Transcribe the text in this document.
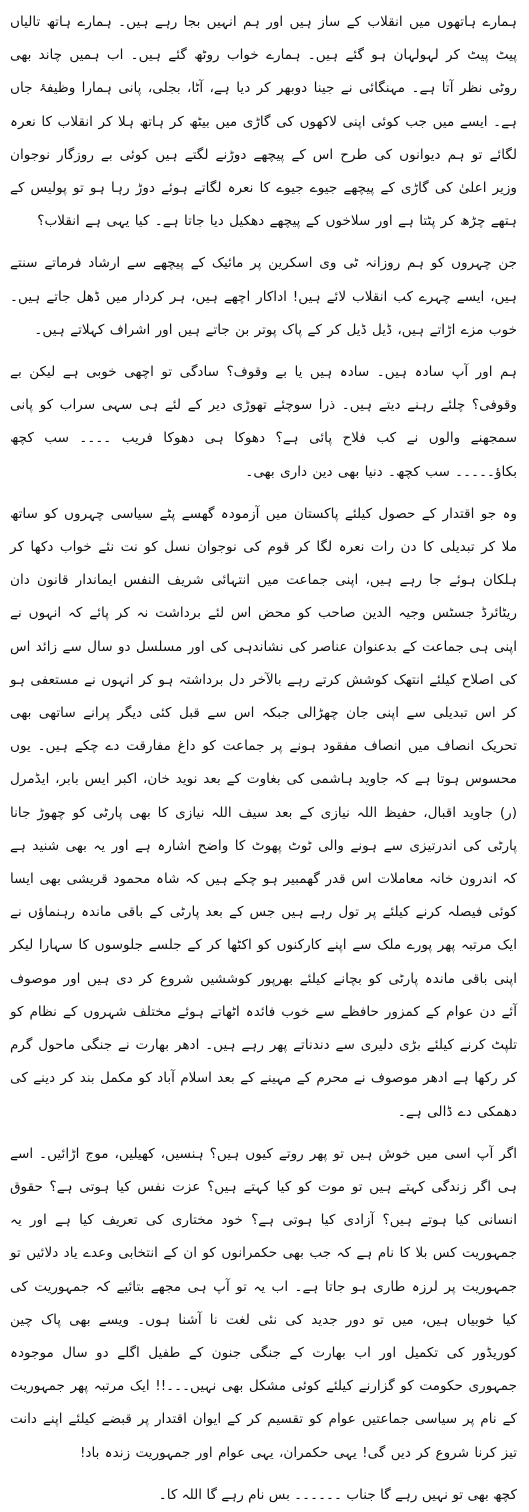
ہمارے ہاتھوں میں انقلاب کے ساز ہیں اور ہم انہیں بجا رہے ہیں۔ ہمارے ہاتھ تالیاں پیٹ پیٹ کر لہولہان ہو گئے ہیں۔ ہمارے خواب روٹھ گئے ہیں۔ اب ہمیں چاند بھی روٹی نظر آتا ہے۔ مہنگائی نے جینا دوبھر کر دیا ہے، آٹا، بجلی، پانی ہمارا وظیفۂ جاں ہے۔ ایسے میں جب کوئی اپنی لاکھوں کی گاڑی میں بیٹھ کر ہاتھ ہلا کر انقلاب کا نعرہ لگائے تو ہم دیوانوں کی طرح اس کے پیچھے دوڑنے لگتے ہیں کوئی بے روزگار نوجوان وزیر اعلیٰ کی گاڑی کے پیچھے جیوے جیوے کا نعرہ لگاتے ہوئے دوڑ رہا ہو تو پولیس کے ہتھے چڑھ کر پٹتا ہے اور سلاخوں کے پیچھے دھکیل دیا جاتا ہے۔ کیا یہی ہے انقلاب؟

جن چہروں کو ہم روزانہ ٹی وی اسکرین پر مائیک کے پیچھے سے ارشاد فرماتے سنتے ہیں، ایسے چہرے کب انقلاب لائے ہیں! اداکار اچھے ہیں، ہر کردار میں ڈھل جاتے ہیں۔ خوب مزے اڑاتے ہیں، ڈیل ڈیل کر کے پاک پوتر بن جاتے ہیں اور اشراف کہلاتے ہیں۔

ہم اور آپ سادہ ہیں۔ سادہ ہیں یا بے وقوف؟ سادگی تو اچھی خوبی ہے لیکن بے وقوفی؟ چلئے رہنے دیتے ہیں۔ ذرا سوچئے تھوڑی دیر کے لئے ہی سہی سراب کو پانی سمجھنے والوں نے کب فلاح پائی ہے؟ دھوکا ہی دھوکا فریب ۔۔۔۔ سب کچھ بکاؤ۔۔۔۔۔ سب کچھ۔ دنیا بھی دین داری بھی۔

وہ جو اقتدار کے حصول کیلئے پاکستان میں آزمودہ گھسے پٹے سیاسی چہروں کو ساتھ ملا کر تبدیلی کا دن رات نعرہ لگا کر قوم کی نوجوان نسل کو نت نئے خواب دکھا کر ہلکان ہوئے جا رہے ہیں، اپنی جماعت میں انتہائی شریف النفس ایماندار قانون دان ریٹائرڈ جسٹس وجیہ الدین صاحب کو محض اس لئے برداشت نہ کر پائے کہ انہوں نے اپنی ہی جماعت کے بدعنوان عناصر کی نشاندہی کی اور مسلسل دو سال سے زائد اس کی اصلاح کیلئے انتھک کوشش کرتے رہے بالآخر دل برداشتہ ہو کر انہوں نے مستعفی ہو کر اس تبدیلی سے اپنی جان چھڑالی جبکہ اس سے قبل کئی دیگر پرانے ساتھی بھی تحریک انصاف میں انصاف مفقود ہونے پر جماعت کو داغ مفارقت دے چکے ہیں۔ یوں محسوس ہوتا ہے کہ جاوید ہاشمی کی بغاوت کے بعد نوید خان، اکبر ایس بابر، ایڈمرل (ر) جاوید اقبال، حفیظ اللہ نیازی کے بعد سیف اللہ نیازی کا بھی پارٹی کو چھوڑ جانا پارٹی کی اندرتیزی سے ہونے والی ٹوٹ پھوٹ کا واضح اشارہ ہے اور یہ بھی شنید ہے کہ اندرون خانہ معاملات اس قدر گھمبیر ہو چکے ہیں کہ شاہ محمود قریشی بھی ایسا کوئی فیصلہ کرنے کیلئے پر تول رہے ہیں جس کے بعد پارٹی کے باقی ماندہ رہنماؤں نے ایک مرتبہ پھر پورے ملک سے اپنے کارکنوں کو اکٹھا کر کے جلسے جلوسوں کا سہارا لیکر اپنی باقی ماندہ پارٹی کو بچانے کیلئے بھرپور کوششیں شروع کر دی ہیں اور موصوف آئے دن عوام کے کمزور حافظے سے خوب فائدہ اٹھاتے ہوئے مختلف شہروں کے نظام کو تلپٹ کرنے کیلئے بڑی دلیری سے دندناتے پھر رہے ہیں۔ ادھر بھارت نے جنگی ماحول گرم کر رکھا ہے ادھر موصوف نے محرم کے مہینے کے بعد اسلام آباد کو مکمل بند کر دینے کی دھمکی دے ڈالی ہے۔

اگر آپ اسی میں خوش ہیں تو پھر روتے کیوں ہیں؟ ہنسیں، کھیلیں، موج اڑائیں۔ اسے ہی اگر زندگی کہتے ہیں تو موت کو کیا کہتے ہیں؟ عزت نفس کیا ہوتی ہے؟ حقوق انسانی کیا ہوتے ہیں؟ آزادی کیا ہوتی ہے؟ خود مختاری کی تعریف کیا ہے اور یہ جمہوریت کس بلا کا نام ہے کہ جب بھی حکمرانوں کو ان کے انتخابی وعدے یاد دلائیں تو جمہوریت پر لرزہ طاری ہو جاتا ہے۔ اب یہ تو آپ ہی مجھے بتائیے کہ جمہوریت کی کیا خوبیاں ہیں، میں تو دور جدید کی نئی لغت نا آشنا ہوں۔ ویسے بھی پاک چین کوریڈور کی تکمیل اور اب بھارت کے جنگی جنون کے طفیل اگلے دو سال موجودہ جمہوری حکومت کو گزارنے کیلئے کوئی مشکل بھی نہیں۔۔۔!! ایک مرتبہ پھر جمہوریت کے نام پر سیاسی جماعتیں عوام کو تقسیم کر کے ایوان اقتدار پر قبضے کیلئے اپنے دانت تیز کرنا شروع کر دیں گی! یہی حکمران، یہی عوام اور جمہوریت زندہ باد!

کچھ بھی تو نہیں رہے گا جناب ۔۔۔۔۔۔ بس نام رہے گا اللہ کا۔
